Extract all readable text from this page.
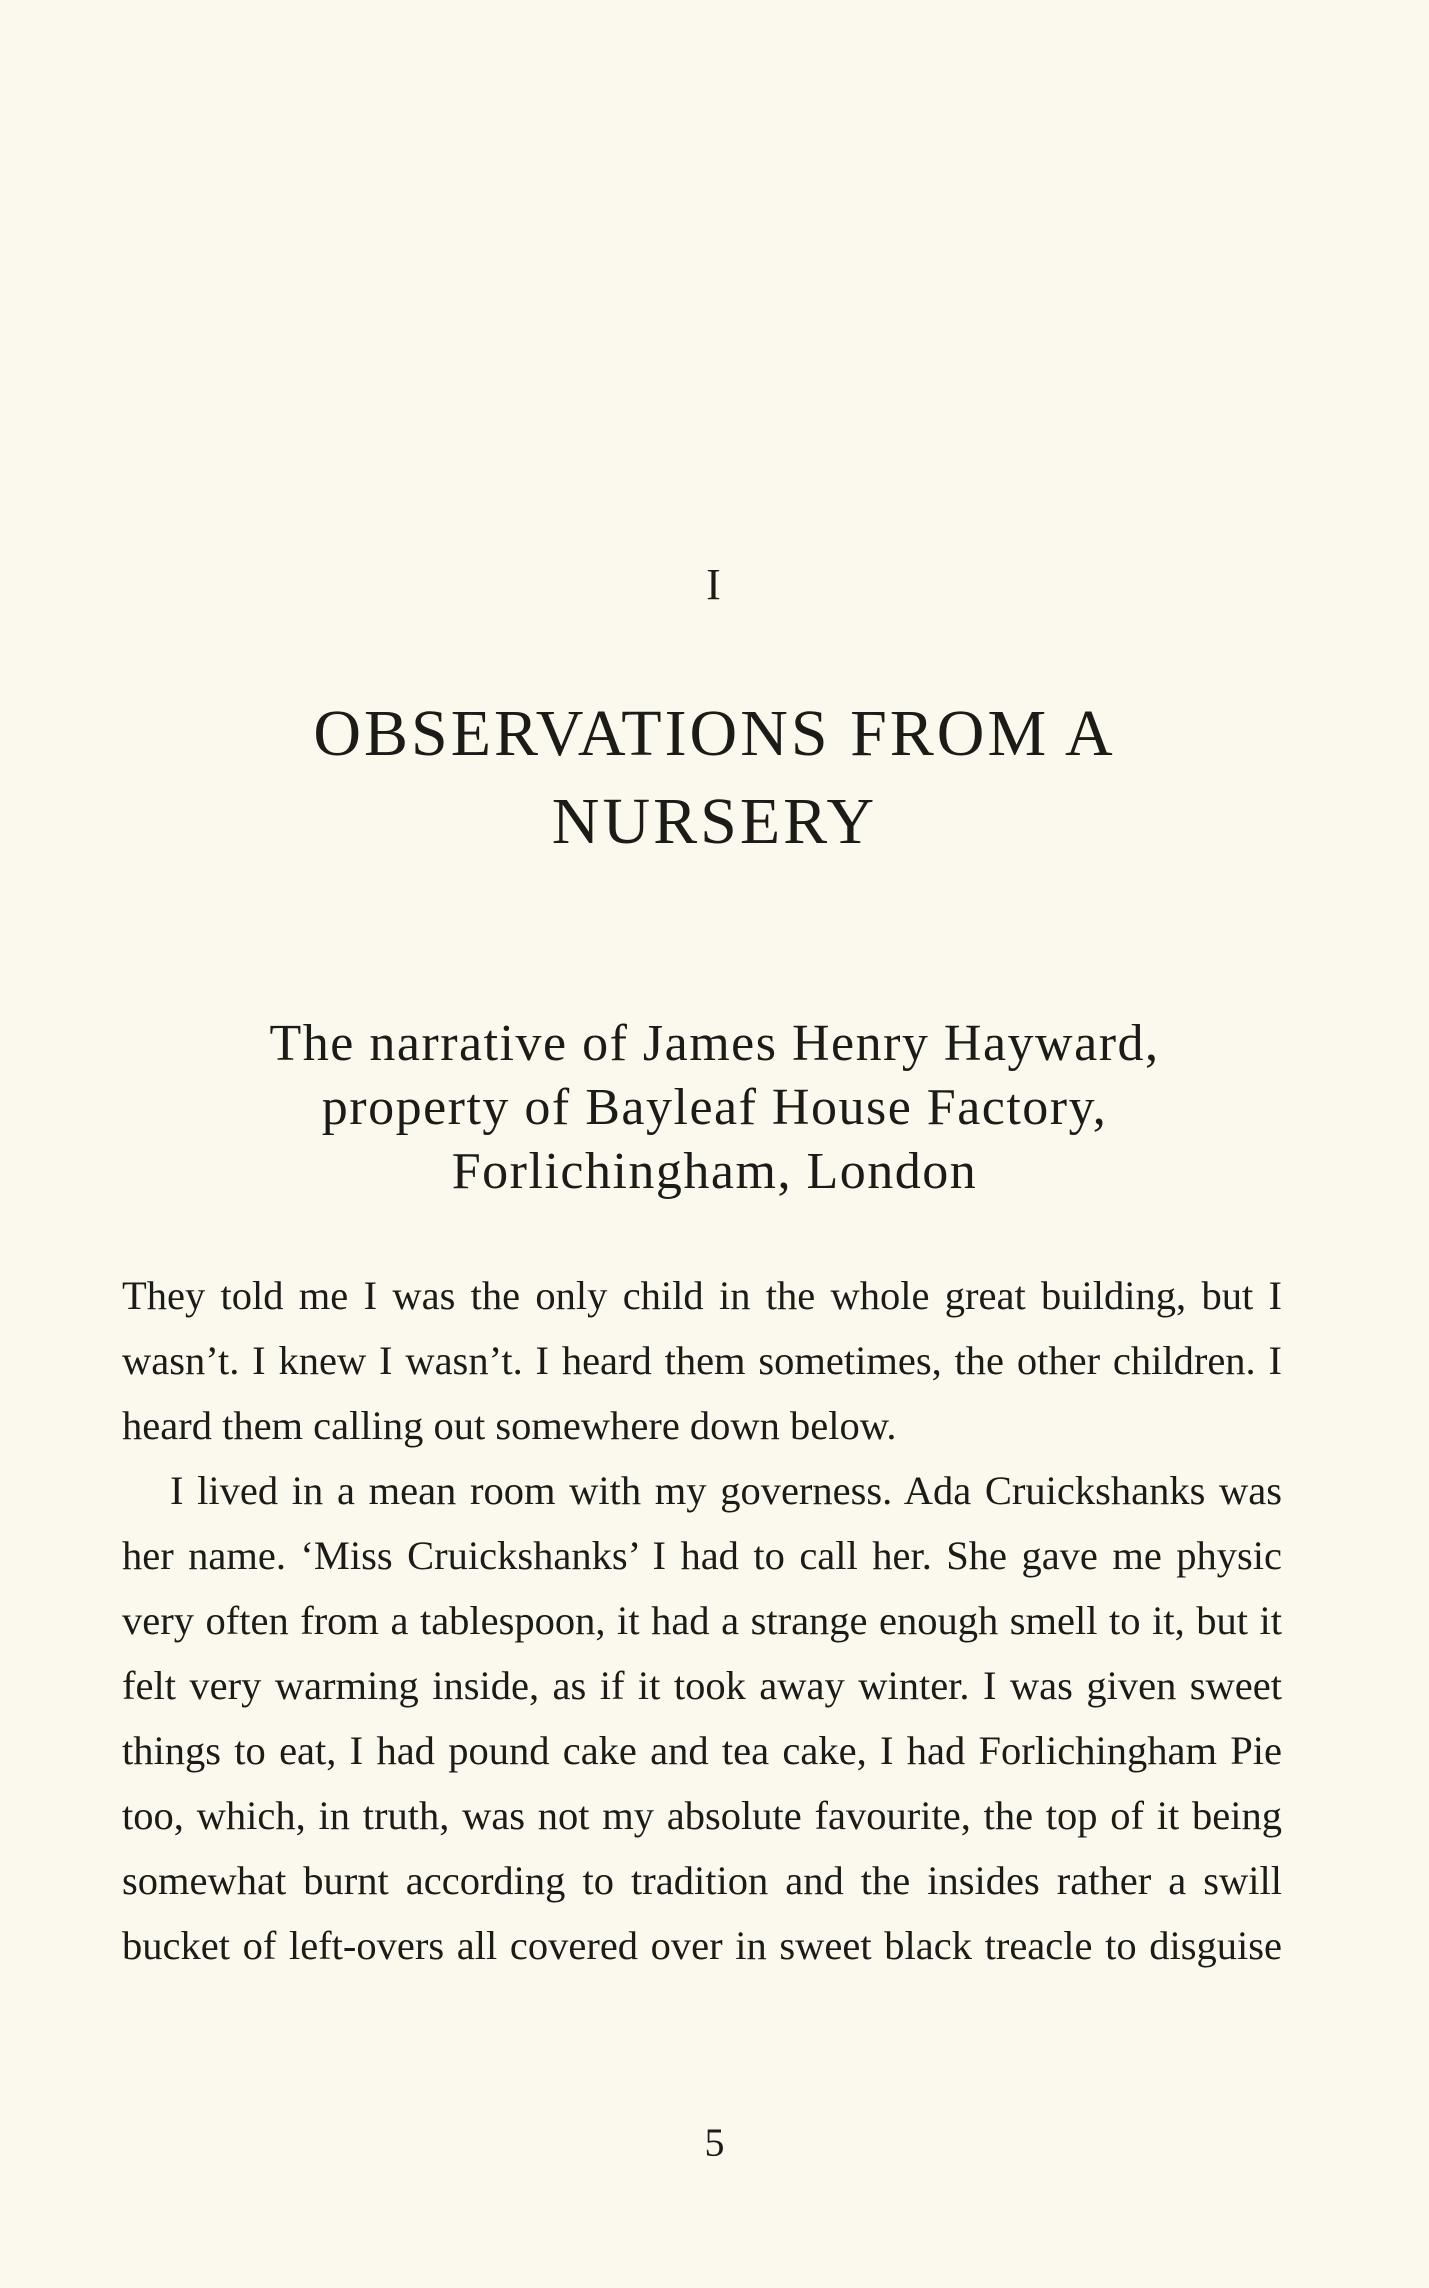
I
OBSERVATIONS FROM A
NURSERY
The narrative of James Henry Hayward,
property of Bayleaf House Factory,
Forlichingham, London

They told me I was the only child in the whole great building, but I wasn’t. I knew I wasn’t. I heard them sometimes, the other children. I heard them calling out somewhere down below.

I lived in a mean room with my governess. Ada Cruickshanks was her name. ‘Miss Cruickshanks’ I had to call her. She gave me physic very often from a tablespoon, it had a strange enough smell to it, but it felt very warming inside, as if it took away winter. I was given sweet things to eat, I had pound cake and tea cake, I had Forlichingham Pie too, which, in truth, was not my absolute favourite, the top of it being somewhat burnt according to tradition and the insides rather a swill bucket of left-overs all covered over in sweet black treacle to disguise

5
